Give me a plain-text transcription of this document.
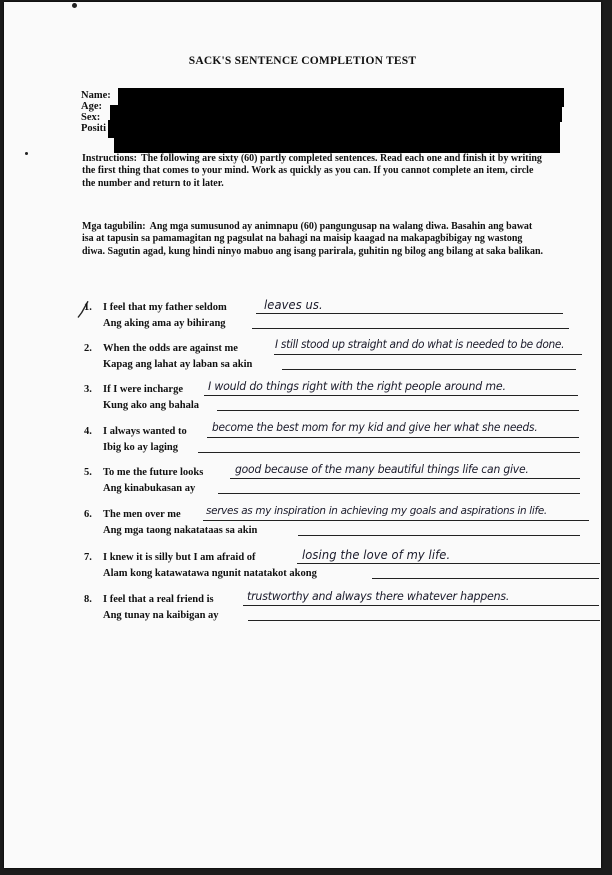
SACK'S SENTENCE COMPLETION TEST
Name:
Age:
Sex:
Positi
Instructions: The following are sixty (60) partly completed sentences. Read each one and finish it by writing the first thing that comes to your mind. Work as quickly as you can. If you cannot complete an item, circle the number and return to it later.
Mga tagubilin: Ang mga sumusunod ay animnapu (60) pangungusap na walang diwa. Basahin ang bawat isa at tapusin sa pamamagitan ng pagsulat na bahagi na maisip kaagad na makapagbibigay ng wastong diwa. Sagutin agad, kung hindi ninyo mabuo ang isang parirala, guhitin ng bilog ang bilang at saka balikan.
1. I feel that my father seldom	leaves us.
Ang aking ama ay bihirang
2. When the odds are against me	I still stood up straight and do what is needed to be done.
Kapag ang lahat ay laban sa akin
3. If I were incharge I would do things right with the right people around me.
Kung ako ang bahala
4. I always wanted to become the best mom for my kid and give her what she needs.
Ibig ko ay laging
5. To me the future looks	good because of the many beautiful things life can give.
Ang kinabukasan ay
6. The men over me serves as my inspiration in achieving my goals and aspirations in life.
Ang mga taong nakatataas sa akin
7. I knew it is silly but I am afraid of	losing the love of my life.
Alam kong katawatawa ngunit natatakot akong
8. I feel that a real friend is	trustworthy and always there whatever happens.
Ang tunay na kaibigan ay
